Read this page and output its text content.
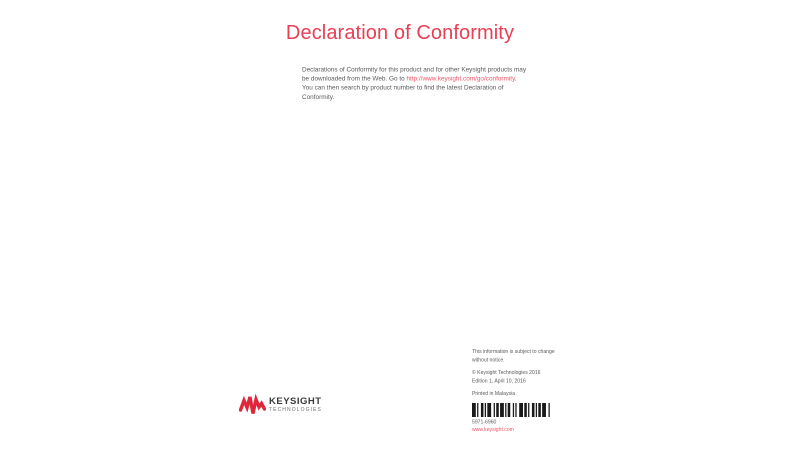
Declaration of Conformity
Declarations of Conformity for this product and for other Keysight products may
be downloaded from the Web. Go to http://www.keysight.com/go/conformity.
You can then search by product number to find the latest Declaration of
Conformity.
KEYSIGHT
TECHNOLOGIES
This information is subject to change
without notice.
© Keysight Technologies 2016
Edition 1, April 10, 2016
Printed in Malaysia
5971-6960
www.keysight.com
